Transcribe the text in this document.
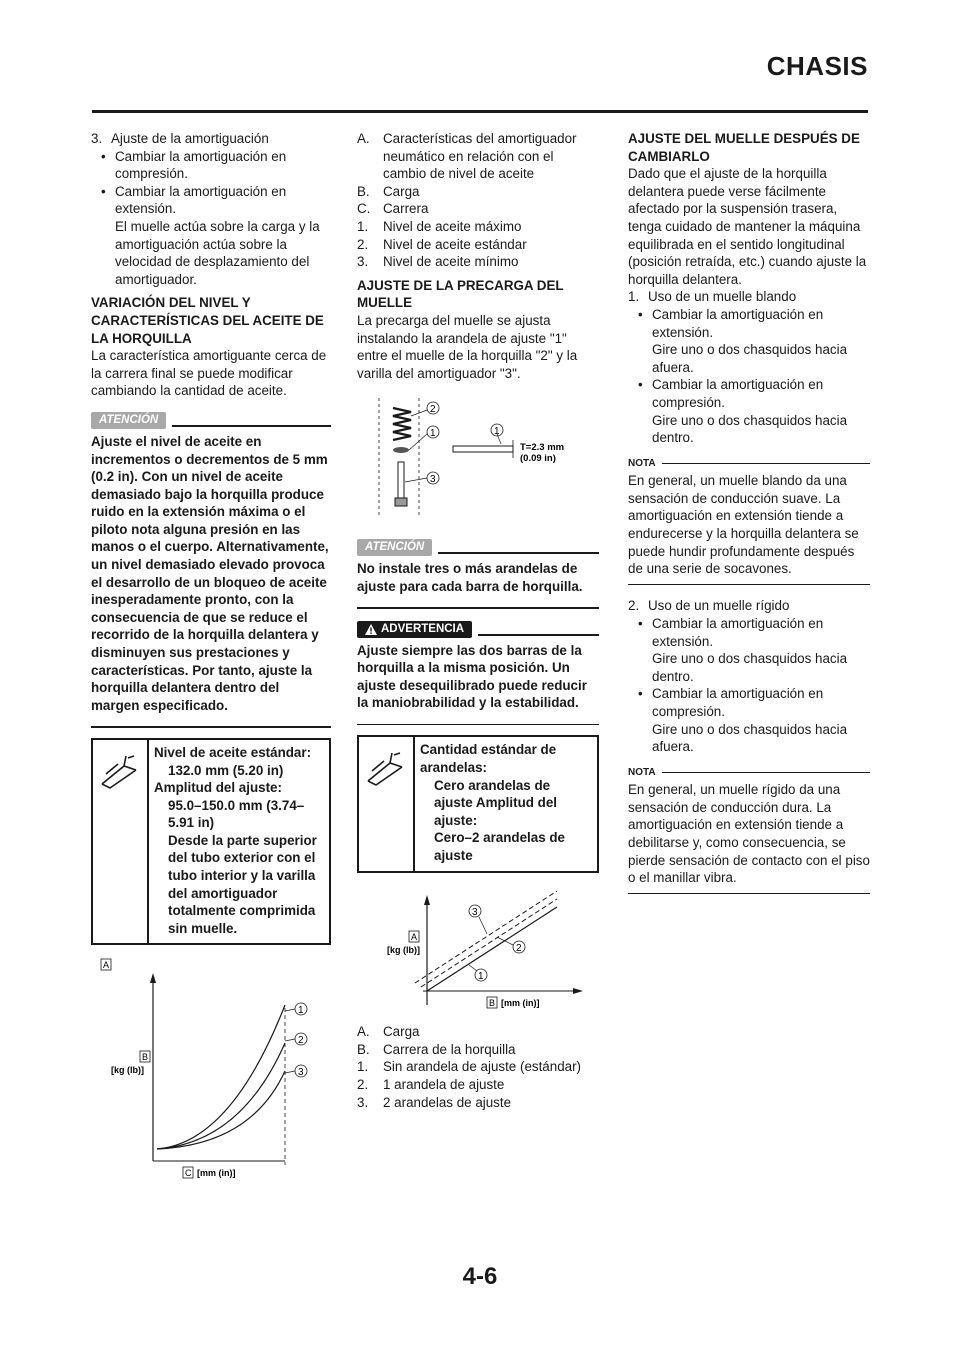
CHASIS
3. Ajuste de la amortiguación
• Cambiar la amortiguación en compresión.
• Cambiar la amortiguación en extensión.
El muelle actúa sobre la carga y la amortiguación actúa sobre la velocidad de desplazamiento del amortiguador.
VARIACIÓN DEL NIVEL Y CARACTERÍSTICAS DEL ACEITE DE LA HORQUILLA
La característica amortiguante cerca de la carrera final se puede modificar cambiando la cantidad de aceite.
ATENCIÓN
Ajuste el nivel de aceite en incrementos o decrementos de 5 mm (0.2 in). Con un nivel de aceite demasiado bajo la horquilla produce ruido en la extensión máxima o el piloto nota alguna presión en las manos o el cuerpo. Alternativamente, un nivel demasiado elevado provoca el desarrollo de un bloqueo de aceite inesperadamente pronto, con la consecuencia de que se reduce el recorrido de la horquilla delantera y disminuyen sus prestaciones y características. Por tanto, ajuste la horquilla delantera dentro del margen especificado.
Nivel de aceite estándar:
132.0 mm (5.20 in)
Amplitud del ajuste:
95.0–150.0 mm (3.74–5.91 in)
Desde la parte superior del tubo exterior con el tubo interior y la varilla del amortiguador totalmente comprimida sin muelle.
A
1
2
3
B
[kg (lb)]
C [mm (in)]
A. Características del amortiguador neumático en relación con el cambio de nivel de aceite
B. Carga
C. Carrera
1.	Nivel de aceite máximo
2.	Nivel de aceite estándar
3.	Nivel de aceite mínimo
AJUSTE DE LA PRECARGA DEL MUELLE
La precarga del muelle se ajusta instalando la arandela de ajuste "1" entre el muelle de la horquilla "2" y la varilla del amortiguador "3".
2
1
3
1
T=2.3 mm
(0.09 in)
ATENCIÓN
No instale tres o más arandelas de ajuste para cada barra de horquilla.
ADVERTENCIA
Ajuste siempre las dos barras de la horquilla a la misma posición. Un ajuste desequilibrado puede reducir la maniobrabilidad y la estabilidad.
Cantidad estándar de arandelas:
Cero arandelas de ajuste Amplitud del ajuste:
Cero–2 arandelas de ajuste
3
2
1
A
[kg (lb)]
B [mm (in)]
A. Carga
B. Carrera de la horquilla
1.	Sin arandela de ajuste (estándar)
2.	1 arandela de ajuste
3.	2 arandelas de ajuste
AJUSTE DEL MUELLE DESPUÉS DE CAMBIARLO
Dado que el ajuste de la horquilla delantera puede verse fácilmente afectado por la suspensión trasera, tenga cuidado de mantener la máquina equilibrada en el sentido longitudinal (posición retraída, etc.) cuando ajuste la horquilla delantera.
1. Uso de un muelle blando
• Cambiar la amortiguación en extensión.
Gire uno o dos chasquidos hacia afuera.
• Cambiar la amortiguación en compresión.
Gire uno o dos chasquidos hacia dentro.
NOTA
En general, un muelle blando da una sensación de conducción suave. La amortiguación en extensión tiende a endurecerse y la horquilla delantera se puede hundir profundamente después de una serie de socavones.
2. Uso de un muelle rígido
• Cambiar la amortiguación en extensión.
Gire uno o dos chasquidos hacia dentro.
• Cambiar la amortiguación en compresión.
Gire uno o dos chasquidos hacia afuera.
NOTA
En general, un muelle rígido da una sensación de conducción dura. La amortiguación en extensión tiende a debilitarse y, como consecuencia, se pierde sensación de contacto con el piso o el manillar vibra.
4-6
